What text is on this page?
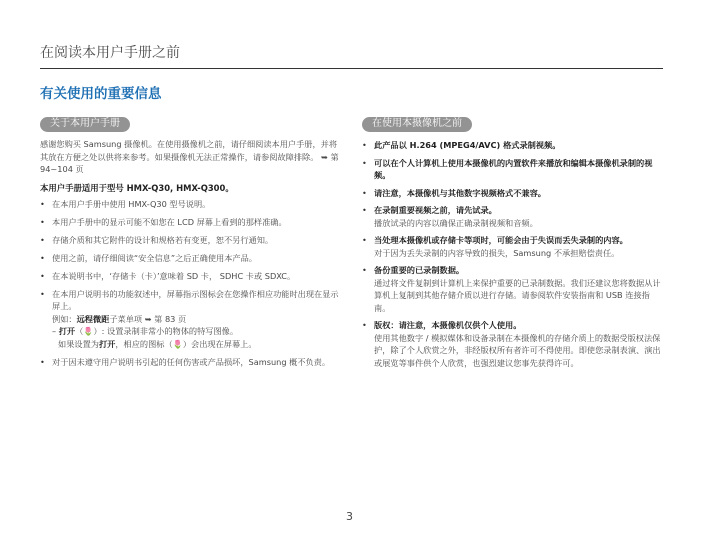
在阅读本用户手册之前
有关使用的重要信息
关于本用户手册
感谢您购买 Samsung 摄像机。在使用摄像机之前，请仔细阅读本用户手册，并将其放在方便之处以供将来参考。如果摄像机无法正常操作，请参阅故障排除。 ➥ 第 94~104 页
本用户手册适用于型号 HMX-Q30, HMX-Q300。
• 在本用户手册中使用 HMX-Q30 型号说明。
• 本用户手册中的显示可能不如您在 LCD 屏幕上看到的那样准确。
• 存储介质和其它附件的设计和规格若有变更，恕不另行通知。
• 使用之前，请仔细阅读“安全信息”之后正确使用本产品。
• 在本说明书中，‘存储卡（卡）’意味着 SD 卡， SDHC 卡或 SDXC。
• 在本用户说明书的功能叙述中，屏幕指示图标会在您操作相应功能时出现在显示屏上。
例如：远程微距子菜单项 ➥ 第 83 页
– 打开（🌷）: 设置录制非常小的物体的特写图像。
如果设置为打开，相应的图标（🌷）会出现在屏幕上。
• 对于因未遵守用户说明书引起的任何伤害或产品损坏，Samsung 概不负责。
在使用本摄像机之前
• 此产品以 H.264 (MPEG4/AVC) 格式录制视频。
• 可以在个人计算机上使用本摄像机的内置软件来播放和编辑本摄像机录制的视频。
• 请注意，本摄像机与其他数字视频格式不兼容。
• 在录制重要视频之前，请先试录。
播放试录的内容以确保正确录制视频和音频。
• 当处理本摄像机或存储卡等项时，可能会由于失误而丢失录制的内容。
对于因为丢失录制的内容导致的损失，Samsung 不承担赔偿责任。
• 备份重要的已录制数据。
通过将文件复制到计算机上来保护重要的已录制数据。我们还建议您将数据从计算机上复制到其他存储介质以进行存储。请参阅软件安装指南和 USB 连接指南。
• 版权：请注意，本摄像机仅供个人使用。
使用其他数字 / 模拟媒体和设备录制在本摄像机的存储介质上的数据受版权法保护，除了个人欣赏之外，非经版权所有者许可不得使用。即使您录制表演、演出或展览等事件供个人欣赏，也强烈建议您事先获得许可。
3
